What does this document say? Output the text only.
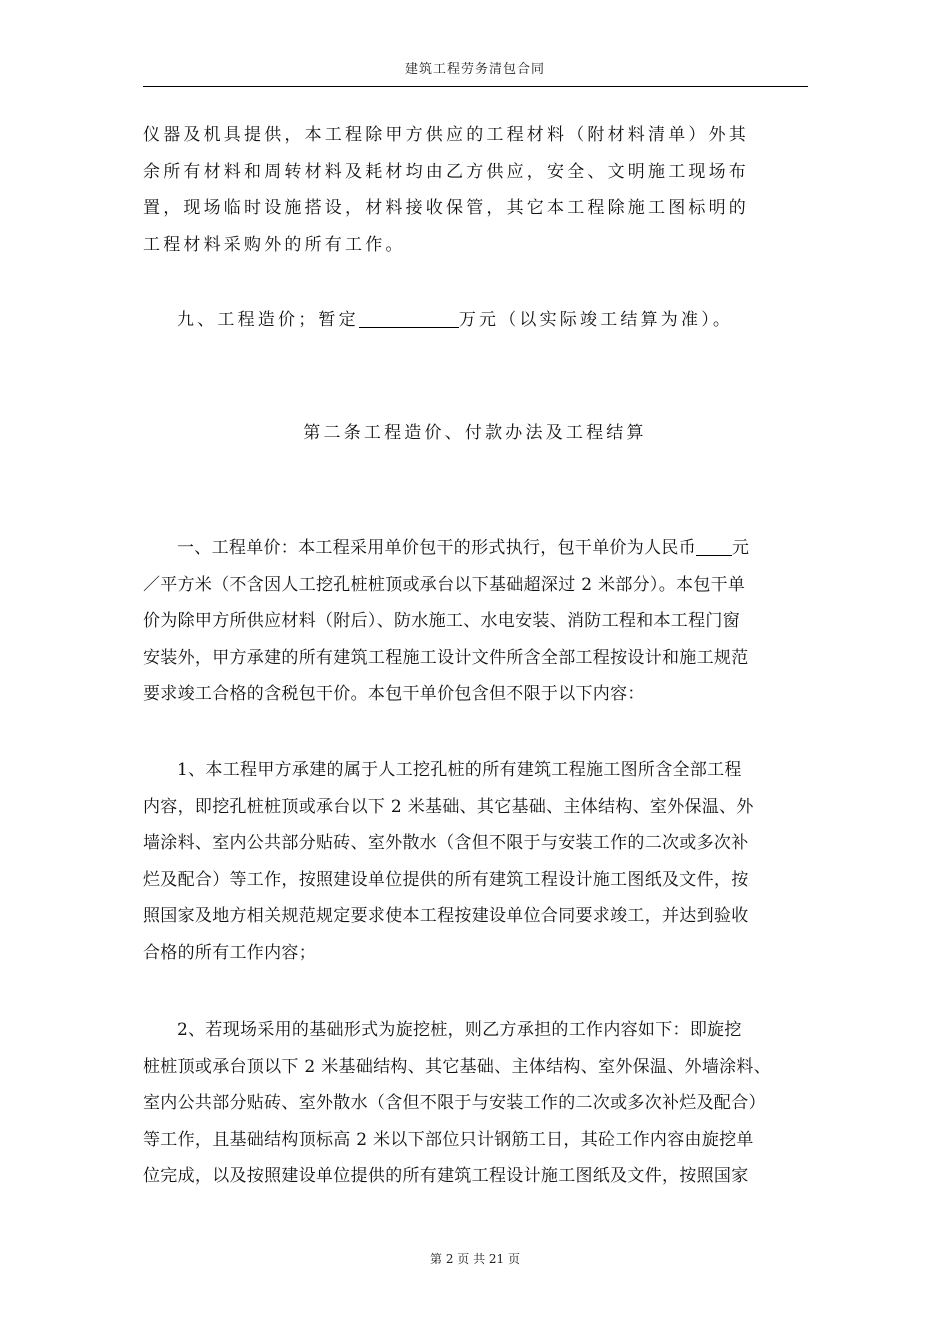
建筑工程劳务清包合同
仪器及机具提供，本工程除甲方供应的工程材料（附材料清单）外其
余所有材料和周转材料及耗材均由乙方供应，安全、文明施工现场布
置，现场临时设施搭设，材料接收保管，其它本工程除施工图标明的
工程材料采购外的所有工作。
九、工程造价；暂定	万元（以实际竣工结算为准）。
第二条工程造价、付款办法及工程结算
一、工程单价：本工程采用单价包干的形式执行，包干单价为人民币 元
／平方米（不含因人工挖孔桩桩顶或承台以下基础超深过 2 米部分）。本包干单
价为除甲方所供应材料（附后）、防水施工、水电安装、消防工程和本工程门窗
安装外，甲方承建的所有建筑工程施工设计文件所含全部工程按设计和施工规范
要求竣工合格的含税包干价。本包干单价包含但不限于以下内容：
1、本工程甲方承建的属于人工挖孔桩的所有建筑工程施工图所含全部工程
内容，即挖孔桩桩顶或承台以下 2 米基础、其它基础、主体结构、室外保温、外
墙涂料、室内公共部分贴砖、室外散水（含但不限于与安装工作的二次或多次补
烂及配合）等工作，按照建设单位提供的所有建筑工程设计施工图纸及文件，按
照国家及地方相关规范规定要求使本工程按建设单位合同要求竣工，并达到验收
合格的所有工作内容；
2、若现场采用的基础形式为旋挖桩，则乙方承担的工作内容如下：即旋挖
桩桩顶或承台顶以下 2 米基础结构、其它基础、主体结构、室外保温、外墙涂料、
室内公共部分贴砖、室外散水（含但不限于与安装工作的二次或多次补烂及配合）
等工作，且基础结构顶标高 2 米以下部位只计钢筋工日，其砼工作内容由旋挖单
位完成，以及按照建设单位提供的所有建筑工程设计施工图纸及文件，按照国家
第 2 页 共 21 页
